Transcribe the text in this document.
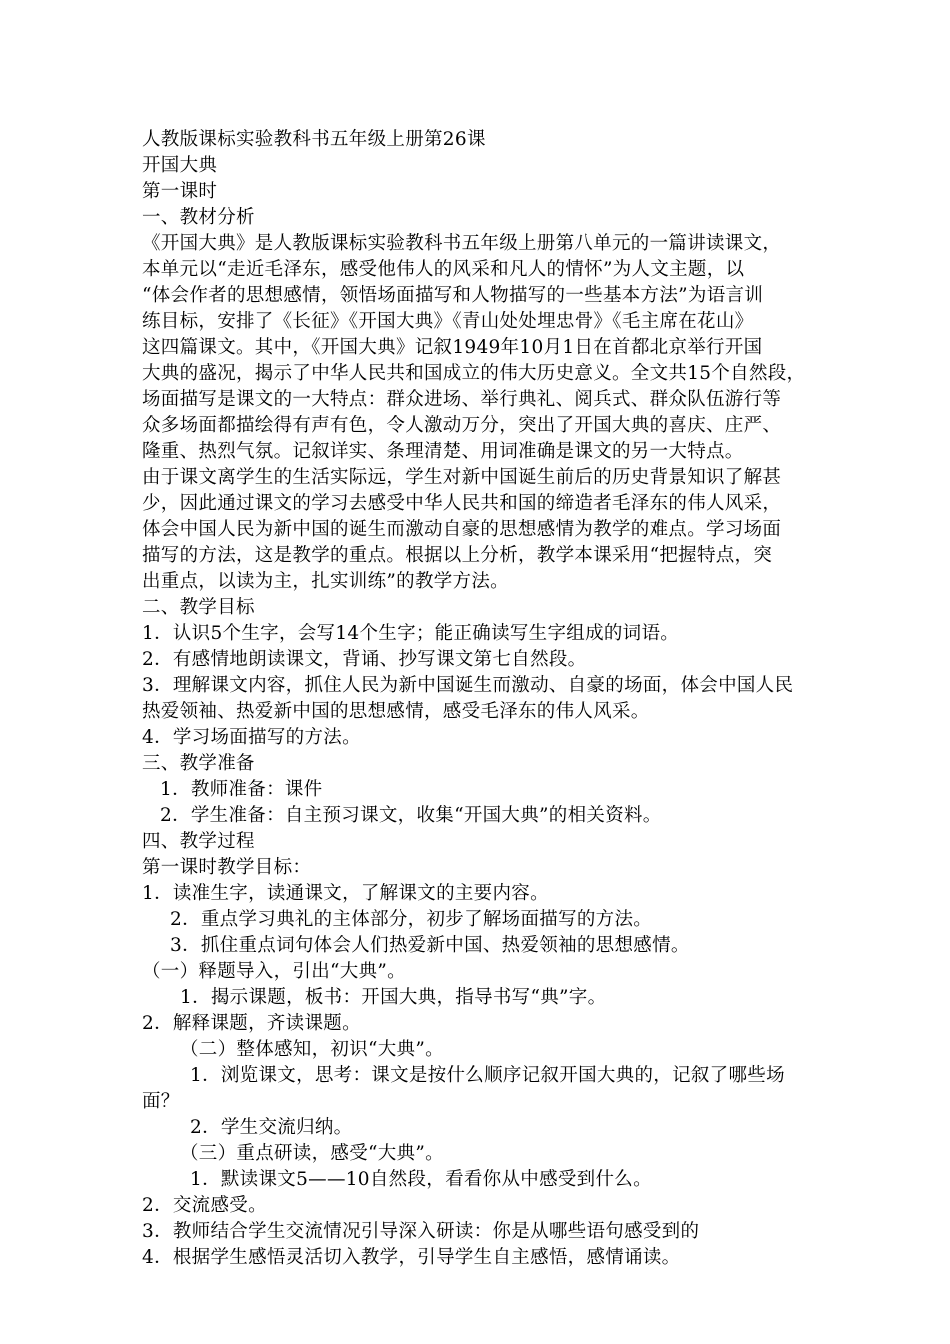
人教版课标实验教科书五年级上册第26课
开国大典
第一课时
一、教材分析
《开国大典》是人教版课标实验教科书五年级上册第八单元的一篇讲读课文，
本单元以“走近毛泽东，感受他伟人的风采和凡人的情怀”为人文主题，以
“体会作者的思想感情，领悟场面描写和人物描写的一些基本方法”为语言训
练目标，安排了《长征》《开国大典》《青山处处埋忠骨》《毛主席在花山》
这四篇课文。其中，《开国大典》记叙1949年10月1日在首都北京举行开国
大典的盛况，揭示了中华人民共和国成立的伟大历史意义。全文共15个自然段，
场面描写是课文的一大特点：群众进场、举行典礼、阅兵式、群众队伍游行等
众多场面都描绘得有声有色，令人激动万分，突出了开国大典的喜庆、庄严、
隆重、热烈气氛。记叙详实、条理清楚、用词准确是课文的另一大特点。
由于课文离学生的生活实际远，学生对新中国诞生前后的历史背景知识了解甚
少，因此通过课文的学习去感受中华人民共和国的缔造者毛泽东的伟人风采，
体会中国人民为新中国的诞生而激动自豪的思想感情为教学的难点。学习场面
描写的方法，这是教学的重点。根据以上分析，教学本课采用“把握特点，突
出重点，以读为主，扎实训练”的教学方法。
二、教学目标
1．认识5个生字，会写14个生字；能正确读写生字组成的词语。
2．有感情地朗读课文，背诵、抄写课文第七自然段。
3．理解课文内容，抓住人民为新中国诞生而激动、自豪的场面，体会中国人民
热爱领袖、热爱新中国的思想感情，感受毛泽东的伟人风采。
4．学习场面描写的方法。
三、教学准备
1．教师准备：课件
2．学生准备：自主预习课文，收集“开国大典”的相关资料。
四、教学过程
第一课时教学目标：
1．读准生字，读通课文，了解课文的主要内容。
2．重点学习典礼的主体部分，初步了解场面描写的方法。
3．抓住重点词句体会人们热爱新中国、热爱领袖的思想感情。
（一）释题导入，引出“大典”。
1．揭示课题，板书：开国大典，指导书写“典”字。
2．解释课题，齐读课题。
（二）整体感知，初识“大典”。
1．浏览课文，思考：课文是按什么顺序记叙开国大典的，记叙了哪些场
面？
2．学生交流归纳。
（三）重点研读，感受“大典”。
1．默读课文5——10自然段，看看你从中感受到什么。
2．交流感受。
3．教师结合学生交流情况引导深入研读：你是从哪些语句感受到的
4．根据学生感悟灵活切入教学，引导学生自主感悟，感情诵读。
